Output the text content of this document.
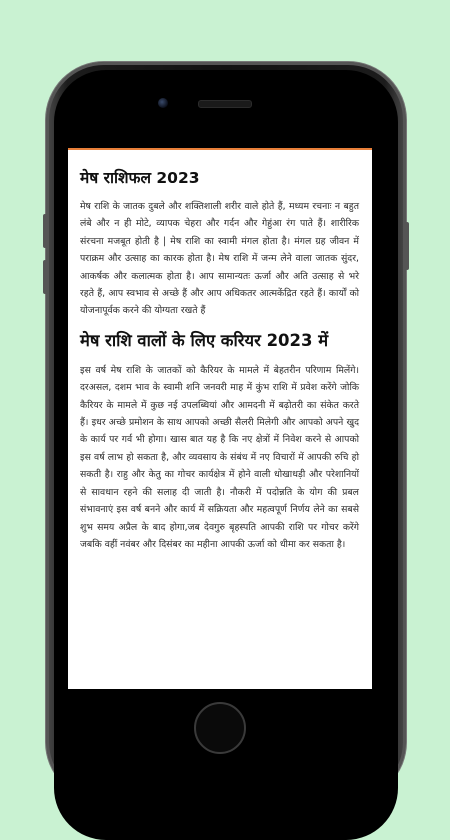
मेष राशिफल 2023

मेष राशि के जातक दुबले और शक्तिशाली शरीर वाले होते हैं, मध्यम रचनाः न बहुत लंबे और न ही मोटे, व्यापक चेहरा और गर्दन और गेहुंआ रंग पाते हैं। शारीरिक संरचना मजबूत होती है | मेष राशि का स्वामी मंगल होता है। मंगल ग्रह जीवन में पराक्रम और उत्साह का कारक होता है। मेष राशि में जन्म लेने वाला जातक सुंदर, आकर्षक और कलात्मक होता है। आप सामान्यतः ऊर्जा और अति उत्साह से भरे रहते हैं, आप स्वभाव से अच्छे हैं और आप अधिकतर आत्मकेंद्रित रहते हैं। कार्यों को योजनापूर्वक करने की योग्यता रखते हैं

मेष राशि वालों के लिए करियर 2023 में

इस वर्ष मेष राशि के जातकों को कैरियर के मामले में बेहतरीन परिणाम मिलेंगे। दरअसल, दशम भाव के स्वामी शनि जनवरी माह में कुंभ राशि में प्रवेश करेंगे जोकि कैरियर के मामले में कुछ नई उपलब्धियां और आमदनी में बढ़ोतरी का संकेत करते हैं। इधर अच्छे प्रमोशन के साथ आपको अच्छी सैलरी मिलेगी और आपको अपने खुद के कार्य पर गर्व भी होगा। खास बात यह है कि नए क्षेत्रों में निवेश करने से आपको इस वर्ष लाभ हो सकता है, और व्यवसाय के संबंध में नए विचारों में आपकी रुचि हो सकती है। राहु और केतु का गोचर कार्यक्षेत्र में होने वाली धोखाधड़ी और परेशानियों से सावधान रहने की सलाह दी जाती है। नौकरी में पदोन्नति के योग की प्रबल संभावनाएं इस वर्ष बनने और कार्य में सक्रियता और महत्वपूर्ण निर्णय लेने का सबसे शुभ समय अप्रैल के बाद होगा,जब देवगुरु बृहस्पति आपकी राशि पर गोचर करेंगे जबकि वहीं नवंबर और दिसंबर का महीना आपकी ऊर्जा को धीमा कर सकता है।
